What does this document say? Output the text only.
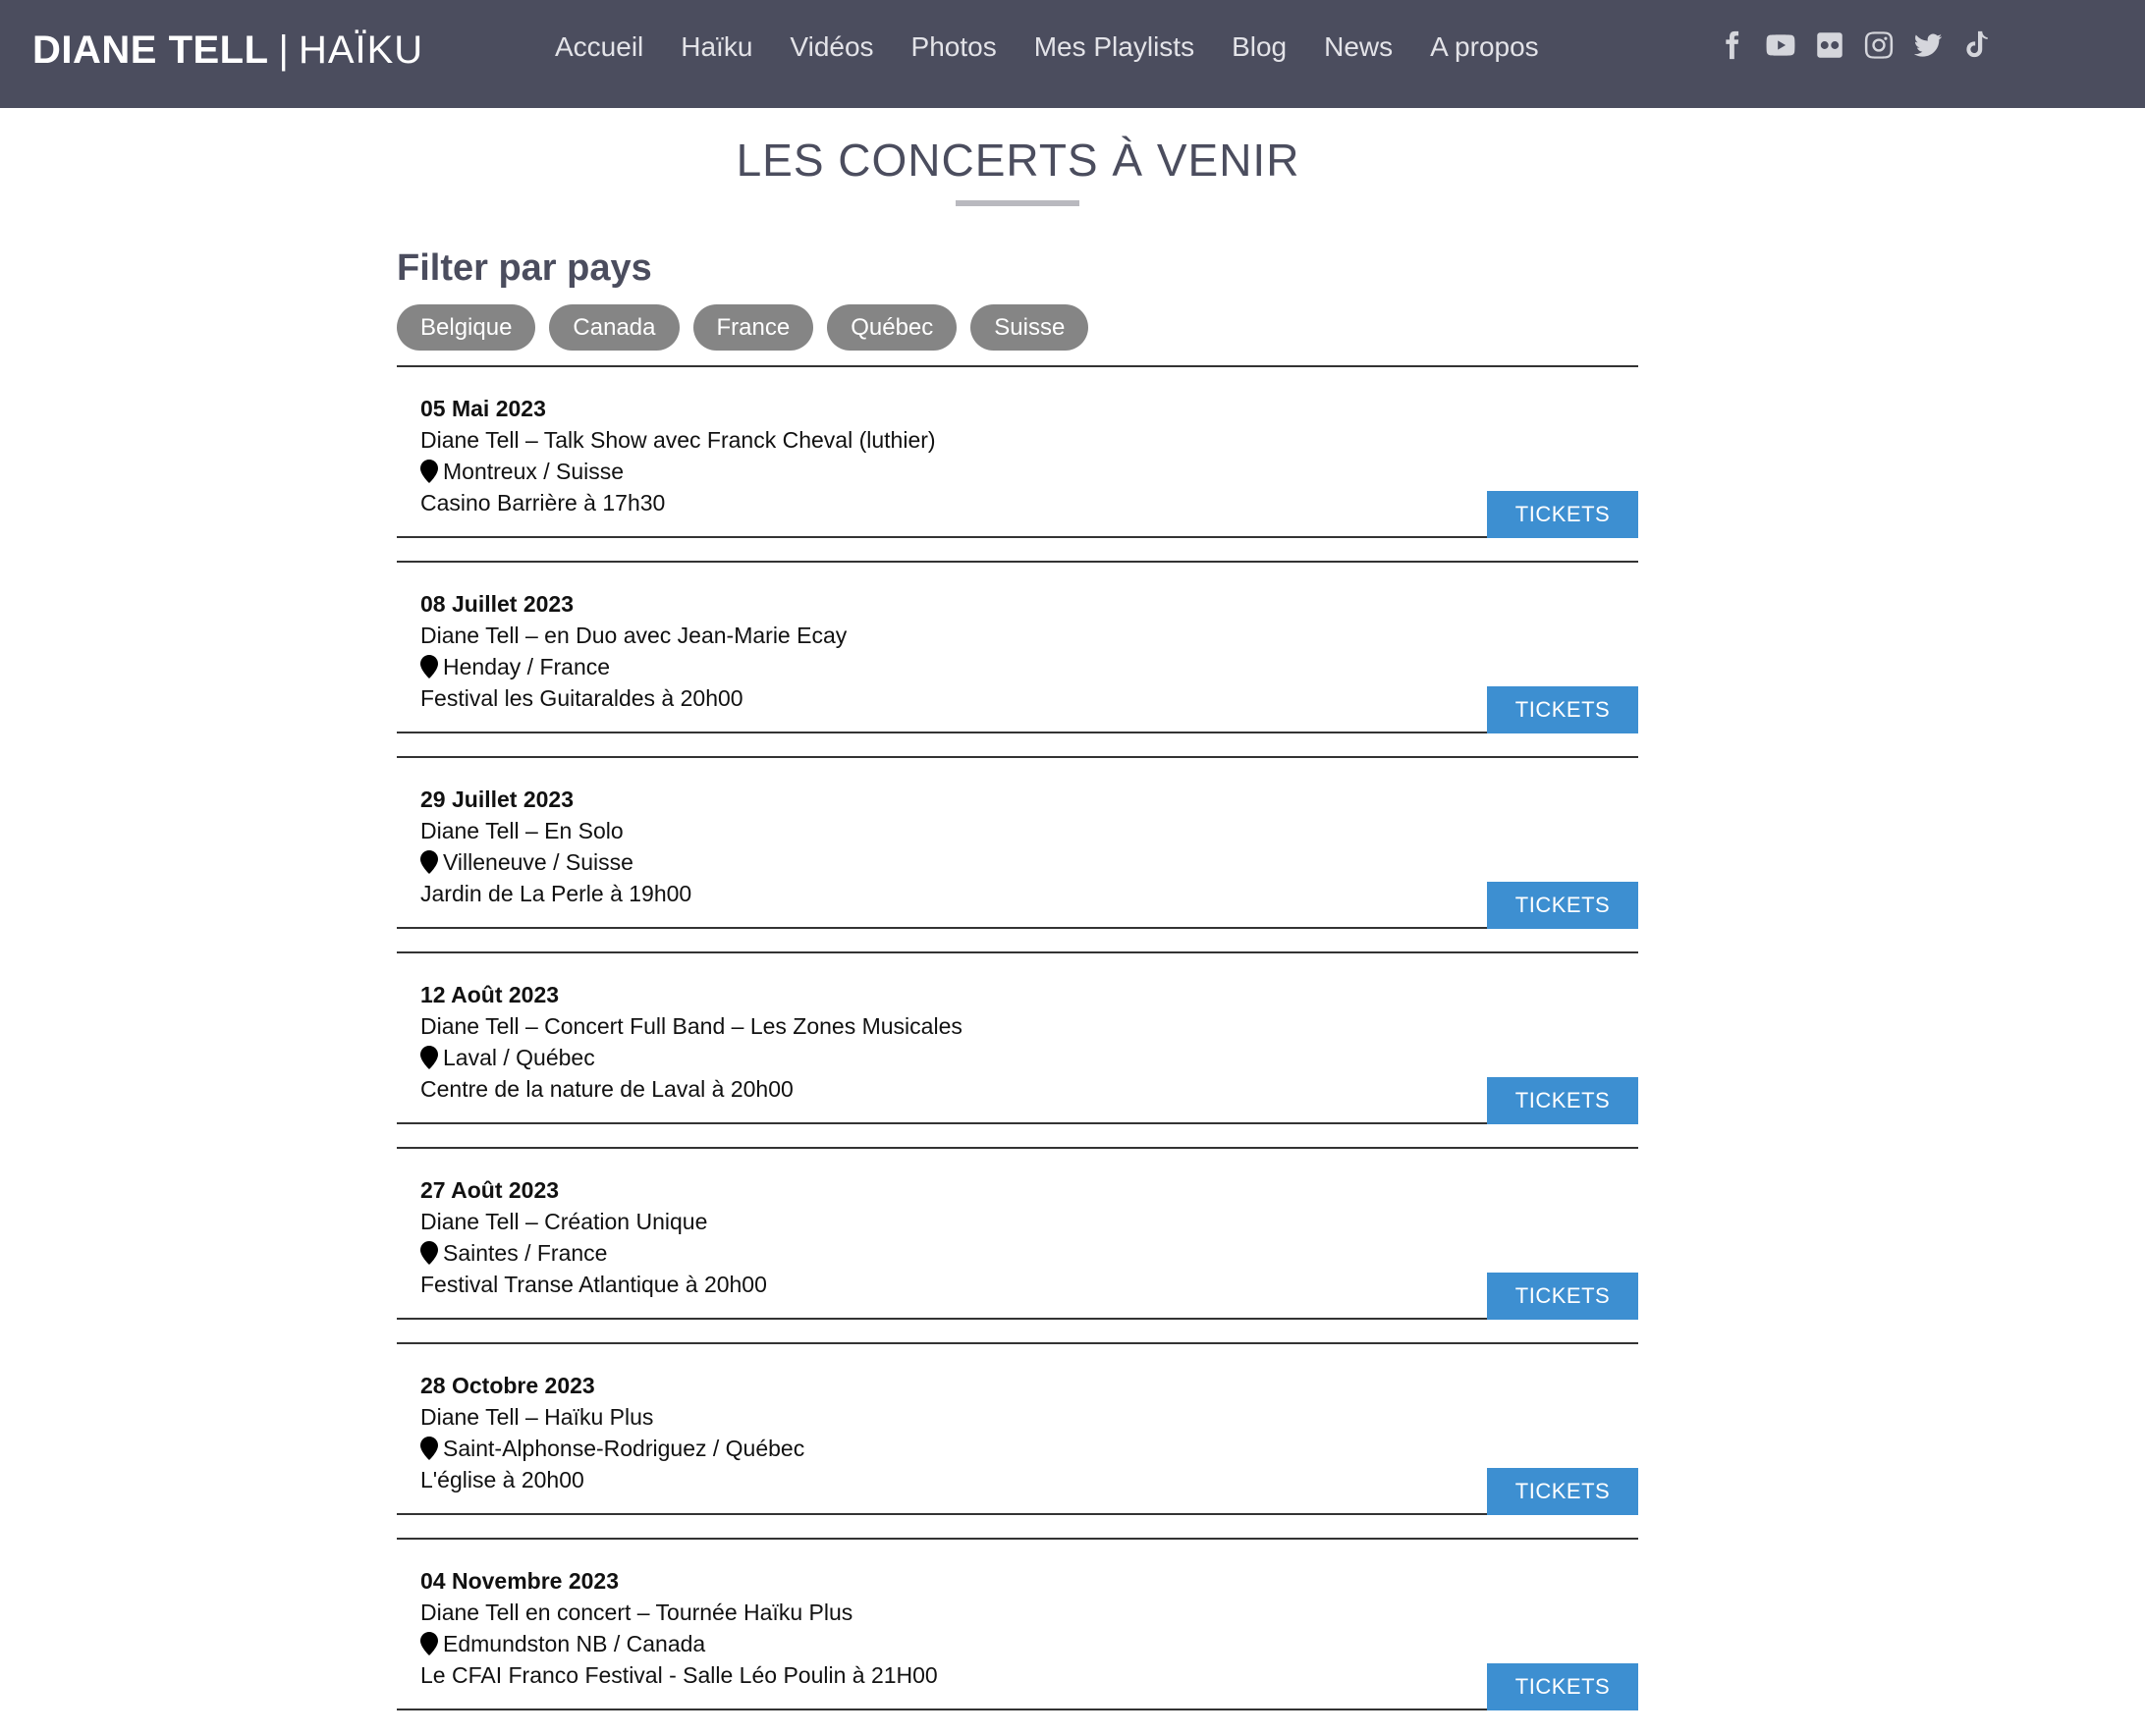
DIANE TELL | HAÏKU	Accueil Haïku Vidéos Photos Mes Playlists Blog News A propos
LES CONCERTS À VENIR
Filter par pays
Belgique	Canada	France	Québec	Suisse
05 Mai 2023
Diane Tell – Talk Show avec Franck Cheval (luthier)
Montreux / Suisse
Casino Barrière à 17h30	TICKETS
08 Juillet 2023
Diane Tell – en Duo avec Jean-Marie Ecay
Henday / France
Festival les Guitaraldes à 20h00	TICKETS
29 Juillet 2023
Diane Tell – En Solo
Villeneuve / Suisse
Jardin de La Perle à 19h00	TICKETS
12 Août 2023
Diane Tell – Concert Full Band – Les Zones Musicales
Laval / Québec
Centre de la nature de Laval à 20h00	TICKETS
27 Août 2023
Diane Tell – Création Unique
Saintes / France
Festival Transe Atlantique à 20h00	TICKETS
28 Octobre 2023
Diane Tell – Haïku Plus
Saint-Alphonse-Rodriguez / Québec
L'église à 20h00	TICKETS
04 Novembre 2023
Diane Tell en concert – Tournée Haïku Plus
Edmundston NB / Canada
Le CFAI Franco Festival - Salle Léo Poulin à 21H00	TICKETS
